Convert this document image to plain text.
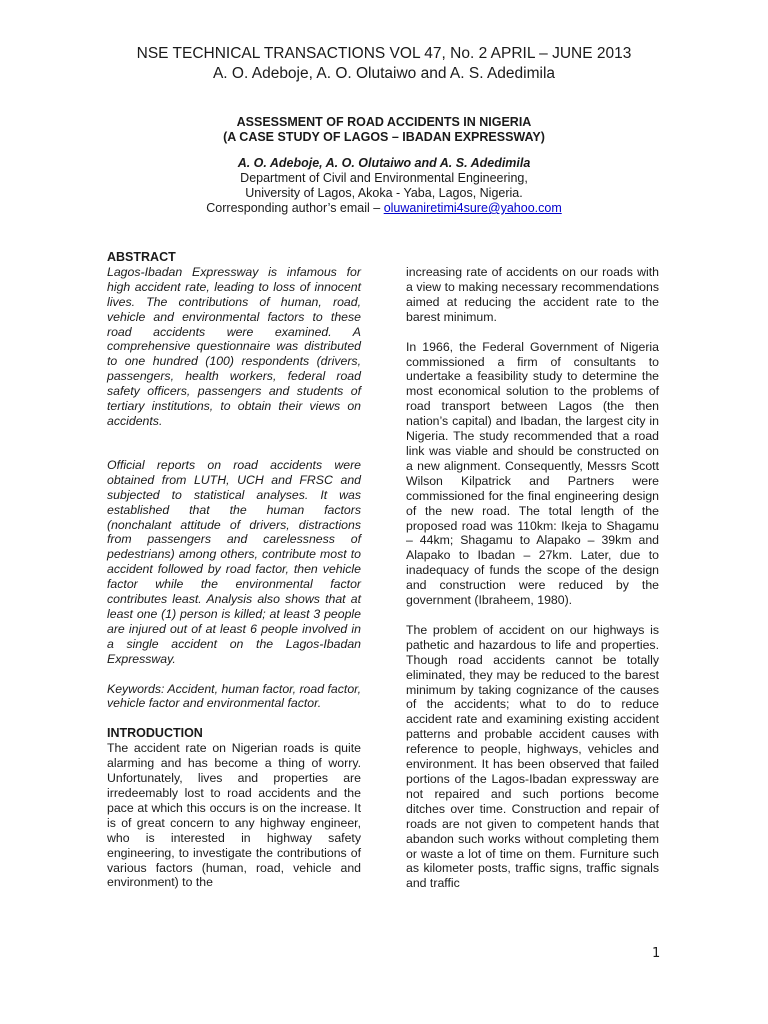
NSE TECHNICAL TRANSACTIONS VOL 47, No. 2 APRIL – JUNE 2013
A. O. Adeboje, A. O. Olutaiwo and A. S. Adedimila
ASSESSMENT OF ROAD ACCIDENTS IN NIGERIA
(A CASE STUDY OF LAGOS – IBADAN EXPRESSWAY)
A. O. Adeboje, A. O. Olutaiwo and A. S. Adedimila
Department of Civil and Environmental Engineering,
University of Lagos, Akoka - Yaba, Lagos, Nigeria.
Corresponding author’s email – oluwaniretimi4sure@yahoo.com
ABSTRACT

Lagos-Ibadan Expressway is infamous for high accident rate, leading to loss of innocent lives. The contributions of human, road, vehicle and environmental factors to these road accidents were examined. A comprehensive questionnaire was distributed to one hundred (100) respondents (drivers, passengers, health workers, federal road safety officers, passengers and students of tertiary institutions, to obtain their views on accidents.

Official reports on road accidents were obtained from LUTH, UCH and FRSC and subjected to statistical analyses. It was established that the human factors (nonchalant attitude of drivers, distractions from passengers and carelessness of pedestrians) among others, contribute most to accident followed by road factor, then vehicle factor while the environmental factor contributes least. Analysis also shows that at least one (1) person is killed; at least 3 people are injured out of at least 6 people involved in a single accident on the Lagos-Ibadan Expressway.

Keywords: Accident, human factor, road factor, vehicle factor and environmental factor.

INTRODUCTION

The accident rate on Nigerian roads is quite alarming and has become a thing of worry. Unfortunately, lives and properties are irredeemably lost to road accidents and the pace at which this occurs is on the increase. It is of great concern to any highway engineer, who is interested in highway safety engineering, to investigate the contributions of various factors (human, road, vehicle and environment) to the

increasing rate of accidents on our roads with a view to making necessary recommendations aimed at reducing the accident rate to the barest minimum.

In 1966, the Federal Government of Nigeria commissioned a firm of consultants to undertake a feasibility study to determine the most economical solution to the problems of road transport between Lagos (the then nation’s capital) and Ibadan, the largest city in Nigeria. The study recommended that a road link was viable and should be constructed on a new alignment. Consequently, Messrs Scott Wilson Kilpatrick and Partners were commissioned for the final engineering design of the new road. The total length of the proposed road was 110km: Ikeja to Shagamu – 44km; Shagamu to Alapako – 39km and Alapako to Ibadan – 27km. Later, due to inadequacy of funds the scope of the design and construction were reduced by the government (Ibraheem, 1980).

The problem of accident on our highways is pathetic and hazardous to life and properties. Though road accidents cannot be totally eliminated, they may be reduced to the barest minimum by taking cognizance of the causes of the accidents; what to do to reduce accident rate and examining existing accident patterns and probable accident causes with reference to people, highways, vehicles and environment. It has been observed that failed portions of the Lagos-Ibadan expressway are not repaired and such portions become ditches over time. Construction and repair of roads are not given to competent hands that abandon such works without completing them or waste a lot of time on them. Furniture such as kilometer posts, traffic signs, traffic signals and traffic

1
